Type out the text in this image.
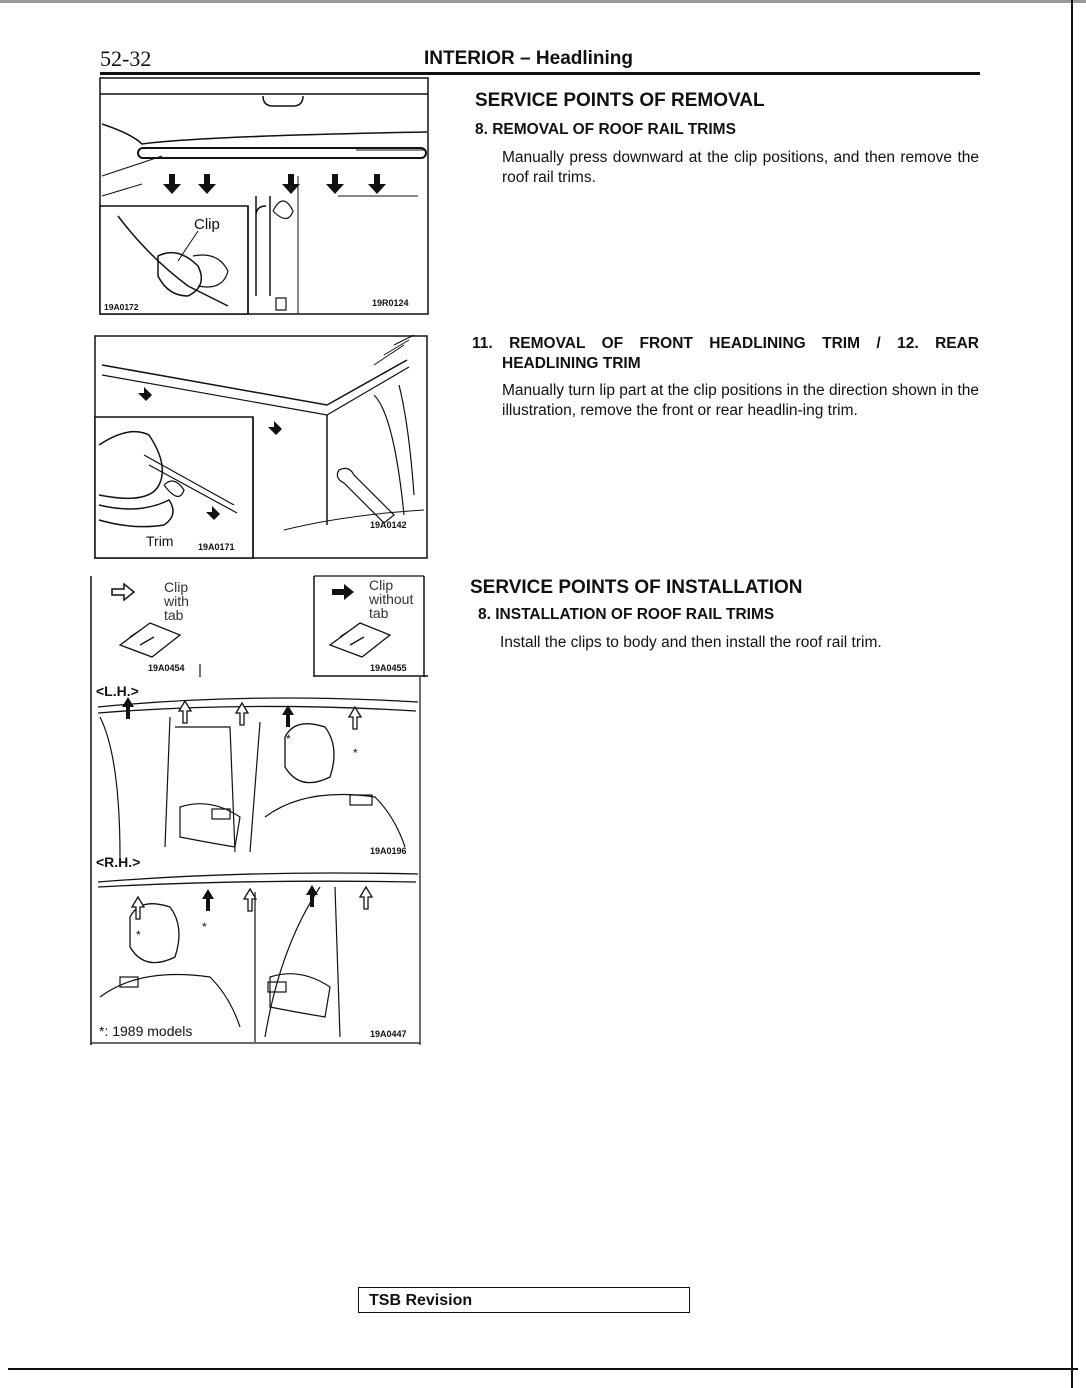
52-32	INTERIOR – Headlining
SERVICE POINTS OF REMOVAL
8. REMOVAL OF ROOF RAIL TRIMS
Manually press downward at the clip positions, and then remove the roof rail trims.
11. REMOVAL OF FRONT HEADLINING TRIM / 12. REAR
HEADLINING TRIM
Manually turn lip part at the clip positions in the direction shown in the illustration, remove the front or rear headlin-ing trim.
SERVICE POINTS OF INSTALLATION
8. INSTALLATION OF ROOF RAIL TRIMS
Install the clips to body and then install the roof rail trim.
Clip
19A0172	19R0124
Trim	19A0171
19A0142
Clip
with
tab
Clip
without
tab
19A0454	19A0455
*
*
*
*
<L.H.>
19A0196
<R.H.>
*: 1989 models	19A0447
TSB Revision
